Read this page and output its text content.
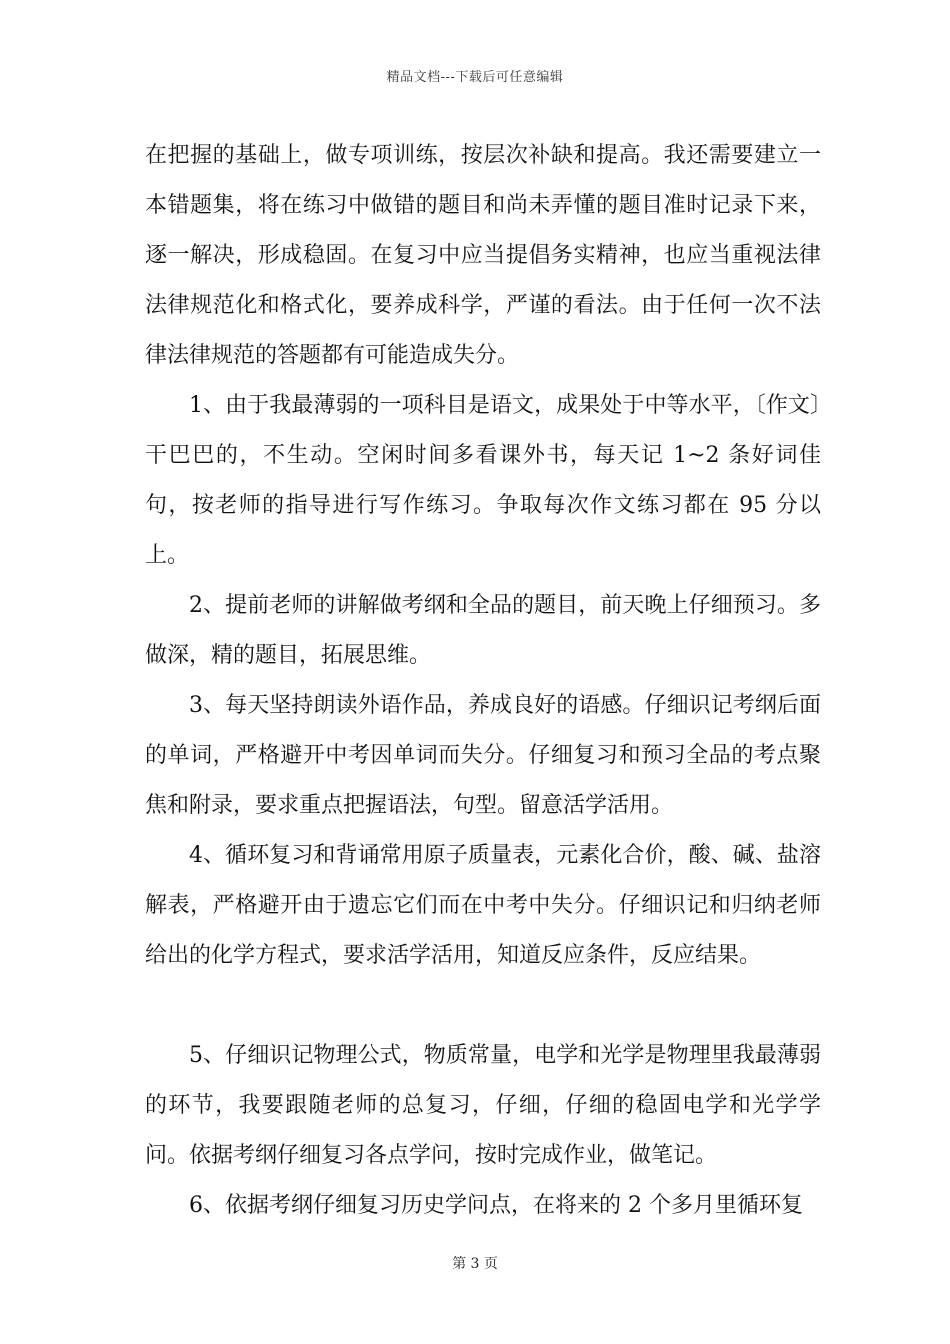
精品文档---下载后可任意编辑

在把握的基础上，做专项训练，按层次补缺和提高。我还需要建立一本错题集，将在练习中做错的题目和尚未弄懂的题目准时记录下来，逐一解决，形成稳固。在复习中应当提倡务实精神，也应当重视法律法律规范化和格式化，要养成科学，严谨的看法。由于任何一次不法律法律规范的答题都有可能造成失分。

1、由于我最薄弱的一项科目是语文，成果处于中等水平，〔作文〕干巴巴的，不生动。空闲时间多看课外书，每天记 1~2 条好词佳句，按老师的指导进行写作练习。争取每次作文练习都在 95 分以上。

2、提前老师的讲解做考纲和全品的题目，前天晚上仔细预习。多做深，精的题目，拓展思维。

3、每天坚持朗读外语作品，养成良好的语感。仔细识记考纲后面的单词，严格避开中考因单词而失分。仔细复习和预习全品的考点聚焦和附录，要求重点把握语法，句型。留意活学活用。

4、循环复习和背诵常用原子质量表，元素化合价，酸、碱、盐溶解表，严格避开由于遗忘它们而在中考中失分。仔细识记和归纳老师给出的化学方程式，要求活学活用，知道反应条件，反应结果。

5、仔细识记物理公式，物质常量，电学和光学是物理里我最薄弱的环节，我要跟随老师的总复习，仔细，仔细的稳固电学和光学学问。依据考纲仔细复习各点学问，按时完成作业，做笔记。

6、依据考纲仔细复习历史学问点，在将来的 2 个多月里循环复

第 3 页
